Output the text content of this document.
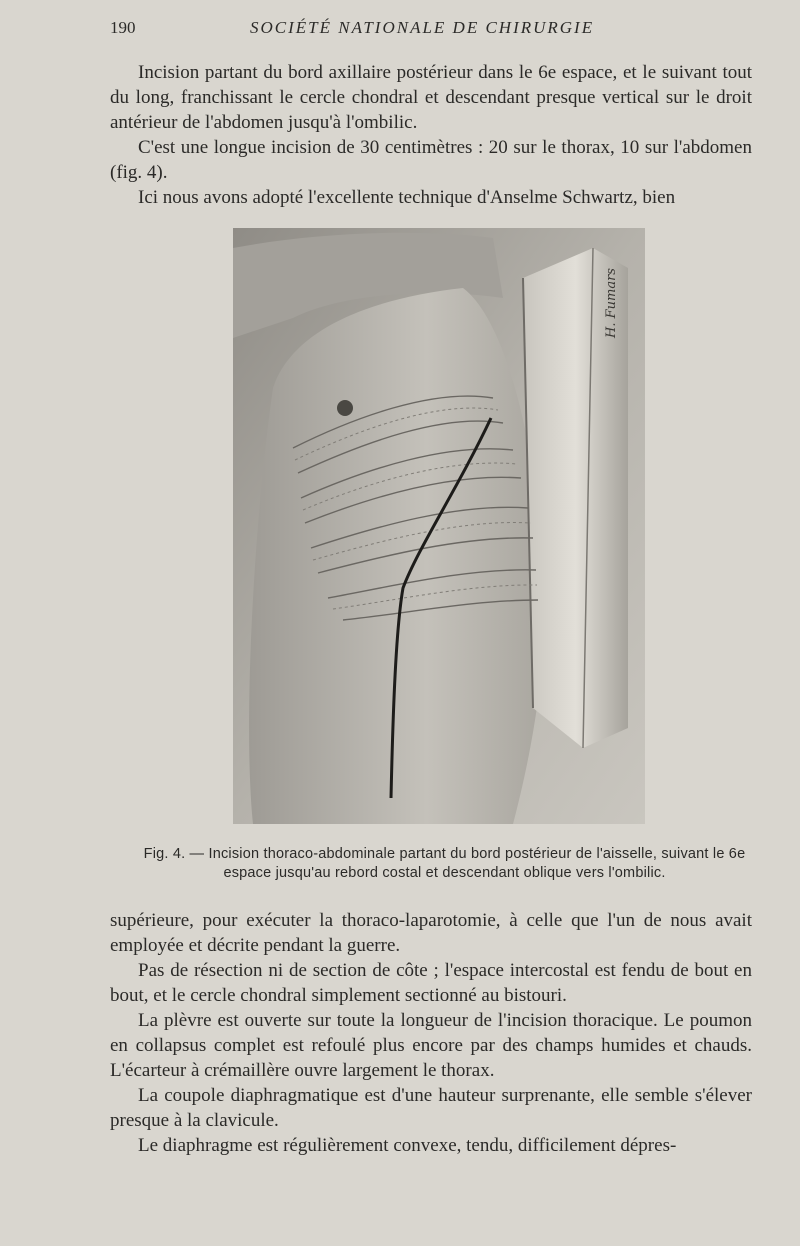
190	SOCIÉTÉ NATIONALE DE CHIRURGIE

Incision partant du bord axillaire postérieur dans le 6e espace, et le suivant tout du long, franchissant le cercle chondral et descendant presque vertical sur le droit antérieur de l'abdomen jusqu'à l'ombilic.

C'est une longue incision de 30 centimètres : 20 sur le thorax, 10 sur l'abdomen (fig. 4).

Ici nous avons adopté l'excellente technique d'Anselme Schwartz, bien

H. Fumars

Fig. 4. — Incision thoraco-abdominale partant du bord postérieur de l'aisselle, suivant le 6e espace jusqu'au rebord costal et descendant oblique vers l'ombilic.

supérieure, pour exécuter la thoraco-laparotomie, à celle que l'un de nous avait employée et décrite pendant la guerre.

Pas de résection ni de section de côte ; l'espace intercostal est fendu de bout en bout, et le cercle chondral simplement sectionné au bistouri.

La plèvre est ouverte sur toute la longueur de l'incision thoracique. Le poumon en collapsus complet est refoulé plus encore par des champs humides et chauds. L'écarteur à crémaillère ouvre largement le thorax.

La coupole diaphragmatique est d'une hauteur surprenante, elle semble s'élever presque à la clavicule.

Le diaphragme est régulièrement convexe, tendu, difficilement dépres-
